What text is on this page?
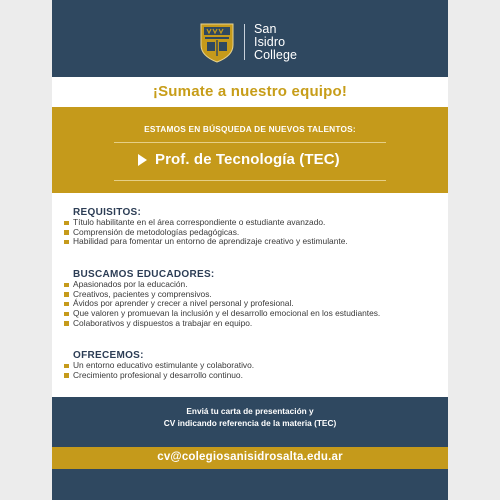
San
Isidro
College
¡Sumate a nuestro equipo!
ESTAMOS EN BÚSQUEDA DE NUEVOS TALENTOS:
Prof. de Tecnología (TEC)
REQUISITOS:
Título habilitante en el área correspondiente o estudiante avanzado.
Comprensión de metodologías pedagógicas.
Habilidad para fomentar un entorno de aprendizaje creativo y estimulante.
BUSCAMOS EDUCADORES:
Apasionados por la educación.
Creativos, pacientes y comprensivos.
Ávidos por aprender y crecer a nivel personal y profesional.
Que valoren y promuevan la inclusión y el desarrollo emocional en los estudiantes.
Colaborativos y dispuestos a trabajar en equipo.
OFRECEMOS:
Un entorno educativo estimulante y colaborativo.
Crecimiento profesional y desarrollo continuo.
Enviá tu carta de presentación y
CV indicando referencia de la materia (TEC)
cv@colegiosanisidrosalta.edu.ar
